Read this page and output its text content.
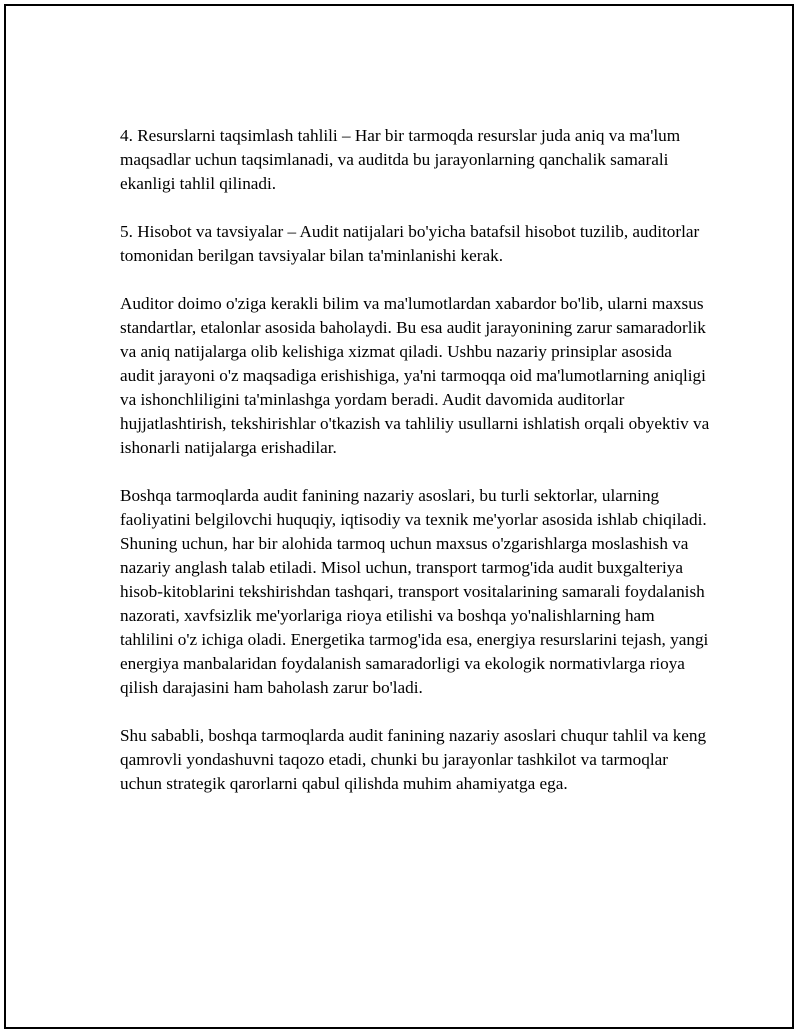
4. Resurslarni taqsimlash tahlili – Har bir tarmoqda resurslar juda aniq va ma'lum maqsadlar uchun taqsimlanadi, va auditda bu jarayonlarning qanchalik samarali ekanligi tahlil qilinadi.

5. Hisobot va tavsiyalar – Audit natijalari bo'yicha batafsil hisobot tuzilib, auditorlar tomonidan berilgan tavsiyalar bilan ta'minlanishi kerak.

Auditor doimo o'ziga kerakli bilim va ma'lumotlardan xabardor bo'lib, ularni maxsus standartlar, etalonlar asosida baholaydi. Bu esa audit jarayonining zarur samaradorlik va aniq natijalarga olib kelishiga xizmat qiladi. Ushbu nazariy prinsiplar asosida audit jarayoni o'z maqsadiga erishishiga, ya'ni tarmoqqa oid ma'lumotlarning aniqligi va ishonchliligini ta'minlashga yordam beradi. Audit davomida auditorlar hujjatlashtirish, tekshirishlar o'tkazish va tahliliy usullarni ishlatish orqali obyektiv va ishonarli natijalarga erishadilar.

Boshqa tarmoqlarda audit fanining nazariy asoslari, bu turli sektorlar, ularning faoliyatini belgilovchi huquqiy, iqtisodiy va texnik me'yorlar asosida ishlab chiqiladi. Shuning uchun, har bir alohida tarmoq uchun maxsus o'zgarishlarga moslashish va nazariy anglash talab etiladi. Misol uchun, transport tarmog'ida audit buxgalteriya hisob-kitoblarini tekshirishdan tashqari, transport vositalarining samarali foydalanish nazorati, xavfsizlik me'yorlariga rioya etilishi va boshqa yo'nalishlarning ham tahlilini o'z ichiga oladi. Energetika tarmog'ida esa, energiya resurslarini tejash, yangi energiya manbalaridan foydalanish samaradorligi va ekologik normativlarga rioya qilish darajasini ham baholash zarur bo'ladi.

Shu sababli, boshqa tarmoqlarda audit fanining nazariy asoslari chuqur tahlil va keng qamrovli yondashuvni taqozo etadi, chunki bu jarayonlar tashkilot va tarmoqlar uchun strategik qarorlarni qabul qilishda muhim ahamiyatga ega.
